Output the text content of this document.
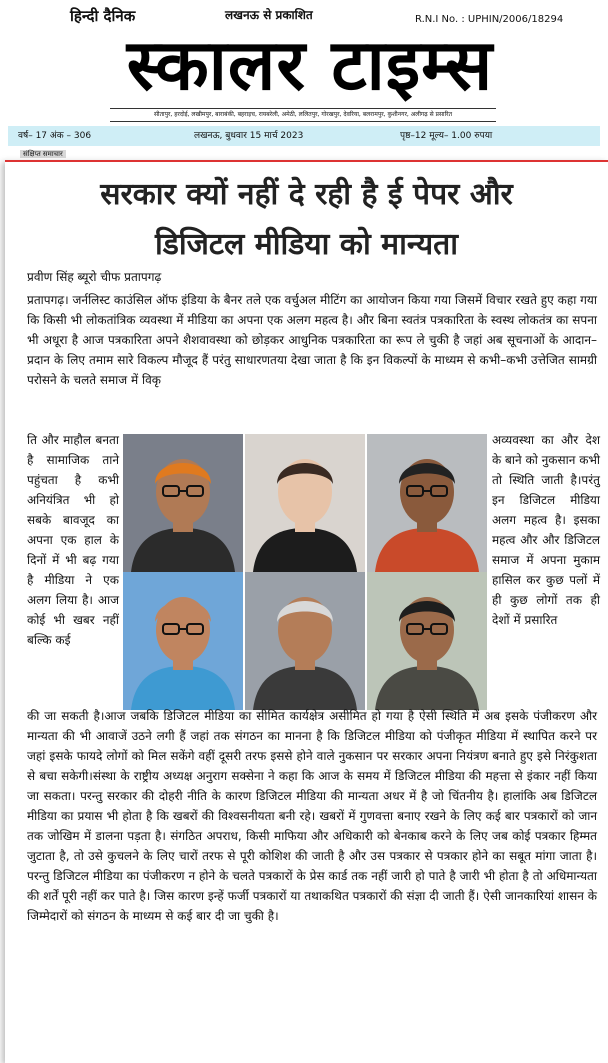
हिन्दी दैनिक	लखनऊ से प्रकाशित	R.N.I No. : UPHIN/2006/18294
स्कालर टाइम्स
सीतापुर, हरदोई, लखीमपुर, बाराबंकी, बहराइच, रायबरेली, अमेठी, ललितपुर, गोरखपुर, देवरिया, बलरामपुर, कुशीनगर, अलीगढ़ से प्रसारित
वर्ष– 17 अंक – 306	लखनऊ, बुधवार 15 मार्च 2023	पृष्ठ–12 मूल्य– 1.00 रुपया
संक्षिप्त समाचार
सरकार क्यों नहीं दे रही है ई पेपर और
डिजिटल मीडिया को मान्यता
प्रवीण सिंह ब्यूरो चीफ प्रतापगढ़
प्रतापगढ़। जर्नलिस्ट काउंसिल ऑफ इंडिया के बैनर तले एक वर्चुअल मीटिंग का आयोजन किया गया जिसमें विचार रखते हुए कहा गया कि किसी भी लोकतांत्रिक व्यवस्था में मीडिया का अपना एक अलग महत्व है। और बिना स्वतंत्र पत्रकारिता के स्वस्थ लोकतंत्र का सपना भी अधूरा है आज पत्रकारिता अपने शैशवावस्था को छोड़कर आधुनिक पत्रकारिता का रूप ले चुकी है जहां अब सूचनाओं के आदान–प्रदान के लिए तमाम सारे विकल्प मौजूद हैं परंतु साधारणतया देखा जाता है कि इन विकल्पों के माध्यम से कभी–कभी उत्तेजित सामग्री परोसने के चलते समाज में विकृ
ति और माहौल बनता है सामाजिक ताने पहुंचता है कभी अनियंत्रित भी हो सबके बावजूद का अपना एक हाल के दिनों में भी बढ़ गया है मीडिया ने एक अलग लिया है। आज कोई भी खबर नहीं बल्कि कई
अव्यवस्था का और देश के बाने को नुकसान कभी तो स्थिति जाती है।परंतु इन डिजिटल मीडिया अलग महत्व है। इसका महत्व और और डिजिटल समाज में अपना मुकाम हासिल कर कुछ पलों में ही कुछ लोगों तक ही देशों में प्रसारित
की जा सकती है।आज जबकि डिजिटल मीडिया का सीमित कार्यक्षेत्र असीमित हो गया है ऐसी स्थिति में अब इसके पंजीकरण और मान्यता की भी आवाजें उठने लगी हैं जहां तक संगठन का मानना है कि डिजिटल मीडिया को पंजीकृत मीडिया में स्थापित करने पर जहां इसके फायदे लोगों को मिल सकेंगे वहीं दूसरी तरफ इससे होने वाले नुकसान पर सरकार अपना नियंत्रण बनाते हुए इसे निरंकुशता से बचा सकेगी।संस्था के राष्ट्रीय अध्यक्ष अनुराग सक्सेना ने कहा कि आज के समय में डिजिटल मीडिया की महत्ता से इंकार नहीं किया जा सकता। परन्तु सरकार की दोहरी नीति के कारण डिजिटल मीडिया की मान्यता अधर में है जो चिंतनीय है। हालांकि अब डिजिटल मीडिया का प्रयास भी होता है कि खबरों की विश्वसनीयता बनी रहे। खबरों में गुणवत्ता बनाए रखने के लिए कई बार पत्रकारों को जान तक जोखिम में डालना पड़ता है। संगठित अपराध, किसी माफिया और अधिकारी को बेनकाब करने के लिए जब कोई पत्रकार हिम्मत जुटाता है, तो उसे कुचलने के लिए चारों तरफ से पूरी कोशिश की जाती है और उस पत्रकार से पत्रकार होने का सबूत मांगा जाता है। परन्तु डिजिटल मीडिया का पंजीकरण न होने के चलते पत्रकारों के प्रेस कार्ड तक नहीं जारी हो पाते है जारी भी होता है तो अधिमान्यता की शर्तें पूरी नहीं कर पाते है। जिस कारण इन्हें फर्जी पत्रकारों या तथाकथित पत्रकारों की संज्ञा दी जाती हैं। ऐसी जानकारियां शासन के जिम्मेदारों को संगठन के माध्यम से कई बार दी जा चुकी है।
